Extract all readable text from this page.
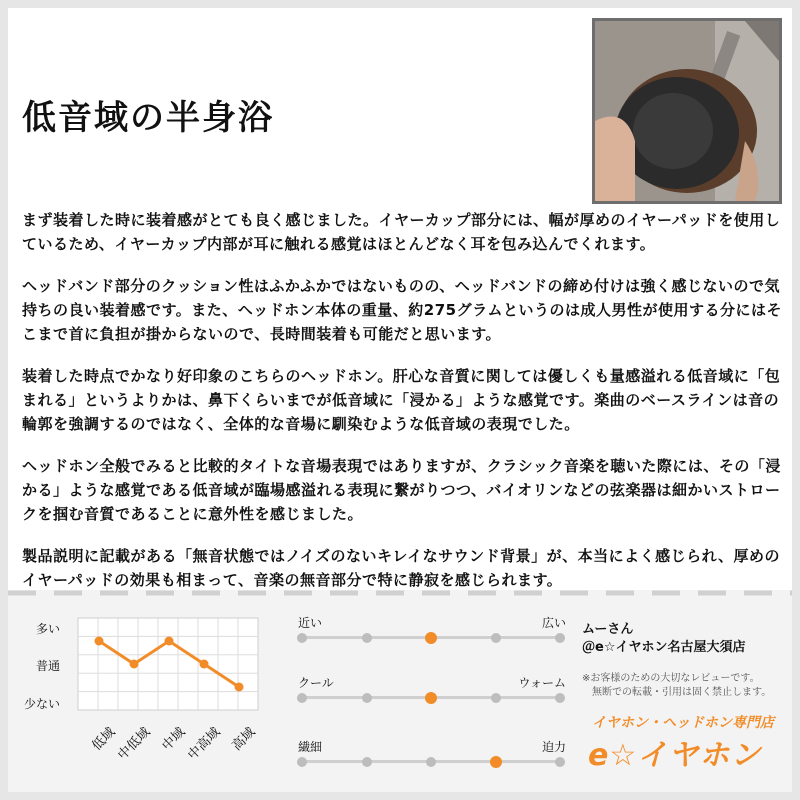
低音域の半身浴

まず装着した時に装着感がとても良く感じました。イヤーカップ部分には、幅が厚めのイヤーパッドを使用しているため、イヤーカップ内部が耳に触れる感覚はほとんどなく耳を包み込んでくれます。

ヘッドバンド部分のクッション性はふかふかではないものの、ヘッドバンドの締め付けは強く感じないので気持ちの良い装着感です。また、ヘッドホン本体の重量、約275グラムというのは成人男性が使用する分にはそこまで首に負担が掛からないので、長時間装着も可能だと思います。

装着した時点でかなり好印象のこちらのヘッドホン。肝心な音質に関しては優しくも量感溢れる低音域に「包まれる」というよりかは、鼻下くらいまでが低音域に「浸かる」ような感覚です。楽曲のベースラインは音の輪郭を強調するのではなく、全体的な音場に馴染むような低音域の表現でした。

ヘッドホン全般でみると比較的タイトな音場表現ではありますが、クラシック音楽を聴いた際には、その「浸かる」ような感覚である低音域が臨場感溢れる表現に繋がりつつ、バイオリンなどの弦楽器は細かいストロークを掴む音質であることに意外性を感じました。

製品説明に記載がある「無音状態ではノイズのないキレイなサウンド背景」が、本当によく感じられ、厚めのイヤーパッドの効果も相まって、音楽の無音部分で特に静寂を感じられます。

多い
普通
少ない
低域
中低域 中域
中高域 高域
近い	広い
クール	ウォーム
繊細	迫力
ムーさん
＠e☆イヤホン名古屋大須店
※お客様のための大切なレビューです。
無断での転載・引用は固く禁止します。
イヤホン・ヘッドホン専門店
e☆イヤホン
